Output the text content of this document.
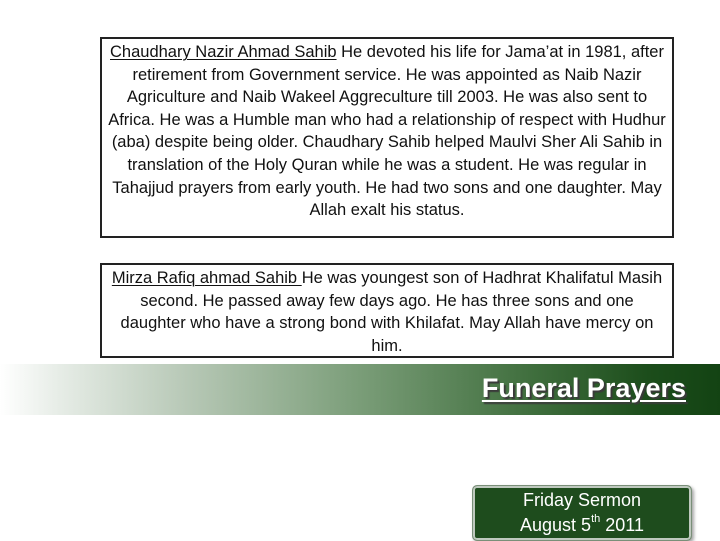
Chaudhary Nazir Ahmad Sahib He devoted his life for Jama’at in 1981, after retirement from Government service. He was appointed as Naib Nazir Agriculture and Naib Wakeel Aggreculture till 2003. He was also sent to Africa. He was a Humble man who had a relationship of respect with Hudhur (aba) despite being older. Chaudhary Sahib helped Maulvi Sher Ali Sahib in translation of the Holy Quran while he was a student. He was regular in Tahajjud prayers from early youth. He had two sons and one daughter. May Allah exalt his status.
Mirza Rafiq ahmad Sahib He was youngest son of Hadhrat Khalifatul Masih second. He passed away few days ago. He has three sons and one daughter who have a strong bond with Khilafat. May Allah have mercy on him.
Funeral Prayers
Friday Sermon
August 5th 2011
